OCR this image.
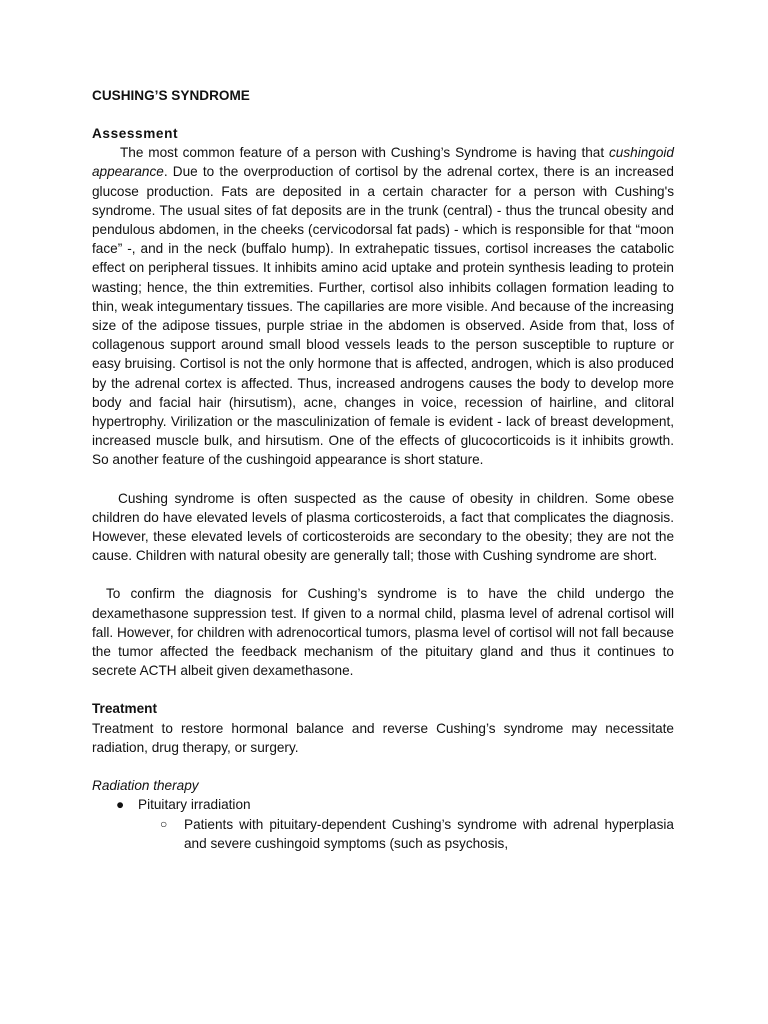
CUSHING’S SYNDROME
Assessment

The most common feature of a person with Cushing’s Syndrome is having that cushingoid appearance. Due to the overproduction of cortisol by the adrenal cortex, there is an increased glucose production. Fats are deposited in a certain character for a person with Cushing's syndrome. The usual sites of fat deposits are in the trunk (central) - thus the truncal obesity and pendulous abdomen, in the cheeks (cervicodorsal fat pads) - which is responsible for that “moon face” -, and in the neck (buffalo hump). In extrahepatic tissues, cortisol increases the catabolic effect on peripheral tissues. It inhibits amino acid uptake and protein synthesis leading to protein wasting; hence, the thin extremities. Further, cortisol also inhibits collagen formation leading to thin, weak integumentary tissues. The capillaries are more visible. And because of the increasing size of the adipose tissues, purple striae in the abdomen is observed. Aside from that, loss of collagenous support around small blood vessels leads to the person susceptible to rupture or easy bruising. Cortisol is not the only hormone that is affected, androgen, which is also produced by the adrenal cortex is affected. Thus, increased androgens causes the body to develop more body and facial hair (hirsutism), acne, changes in voice, recession of hairline, and clitoral hypertrophy. Virilization or the masculinization of female is evident - lack of breast development, increased muscle bulk, and hirsutism. One of the effects of glucocorticoids is it inhibits growth. So another feature of the cushingoid appearance is short stature.

Cushing syndrome is often suspected as the cause of obesity in children. Some obese children do have elevated levels of plasma corticosteroids, a fact that complicates the diagnosis. However, these elevated levels of corticosteroids are secondary to the obesity; they are not the cause. Children with natural obesity are generally tall; those with Cushing syndrome are short.

To confirm the diagnosis for Cushing’s syndrome is to have the child undergo the dexamethasone suppression test. If given to a normal child, plasma level of adrenal cortisol will fall. However, for children with adrenocortical tumors, plasma level of cortisol will not fall because the tumor affected the feedback mechanism of the pituitary gland and thus it continues to secrete ACTH albeit given dexamethasone.

Treatment

Treatment to restore hormonal balance and reverse Cushing’s syndrome may necessitate radiation, drug therapy, or surgery.

Radiation therapy
● Pituitary irradiation
○ Patients with pituitary-dependent Cushing’s syndrome with adrenal hyperplasia and severe cushingoid symptoms (such as psychosis,
